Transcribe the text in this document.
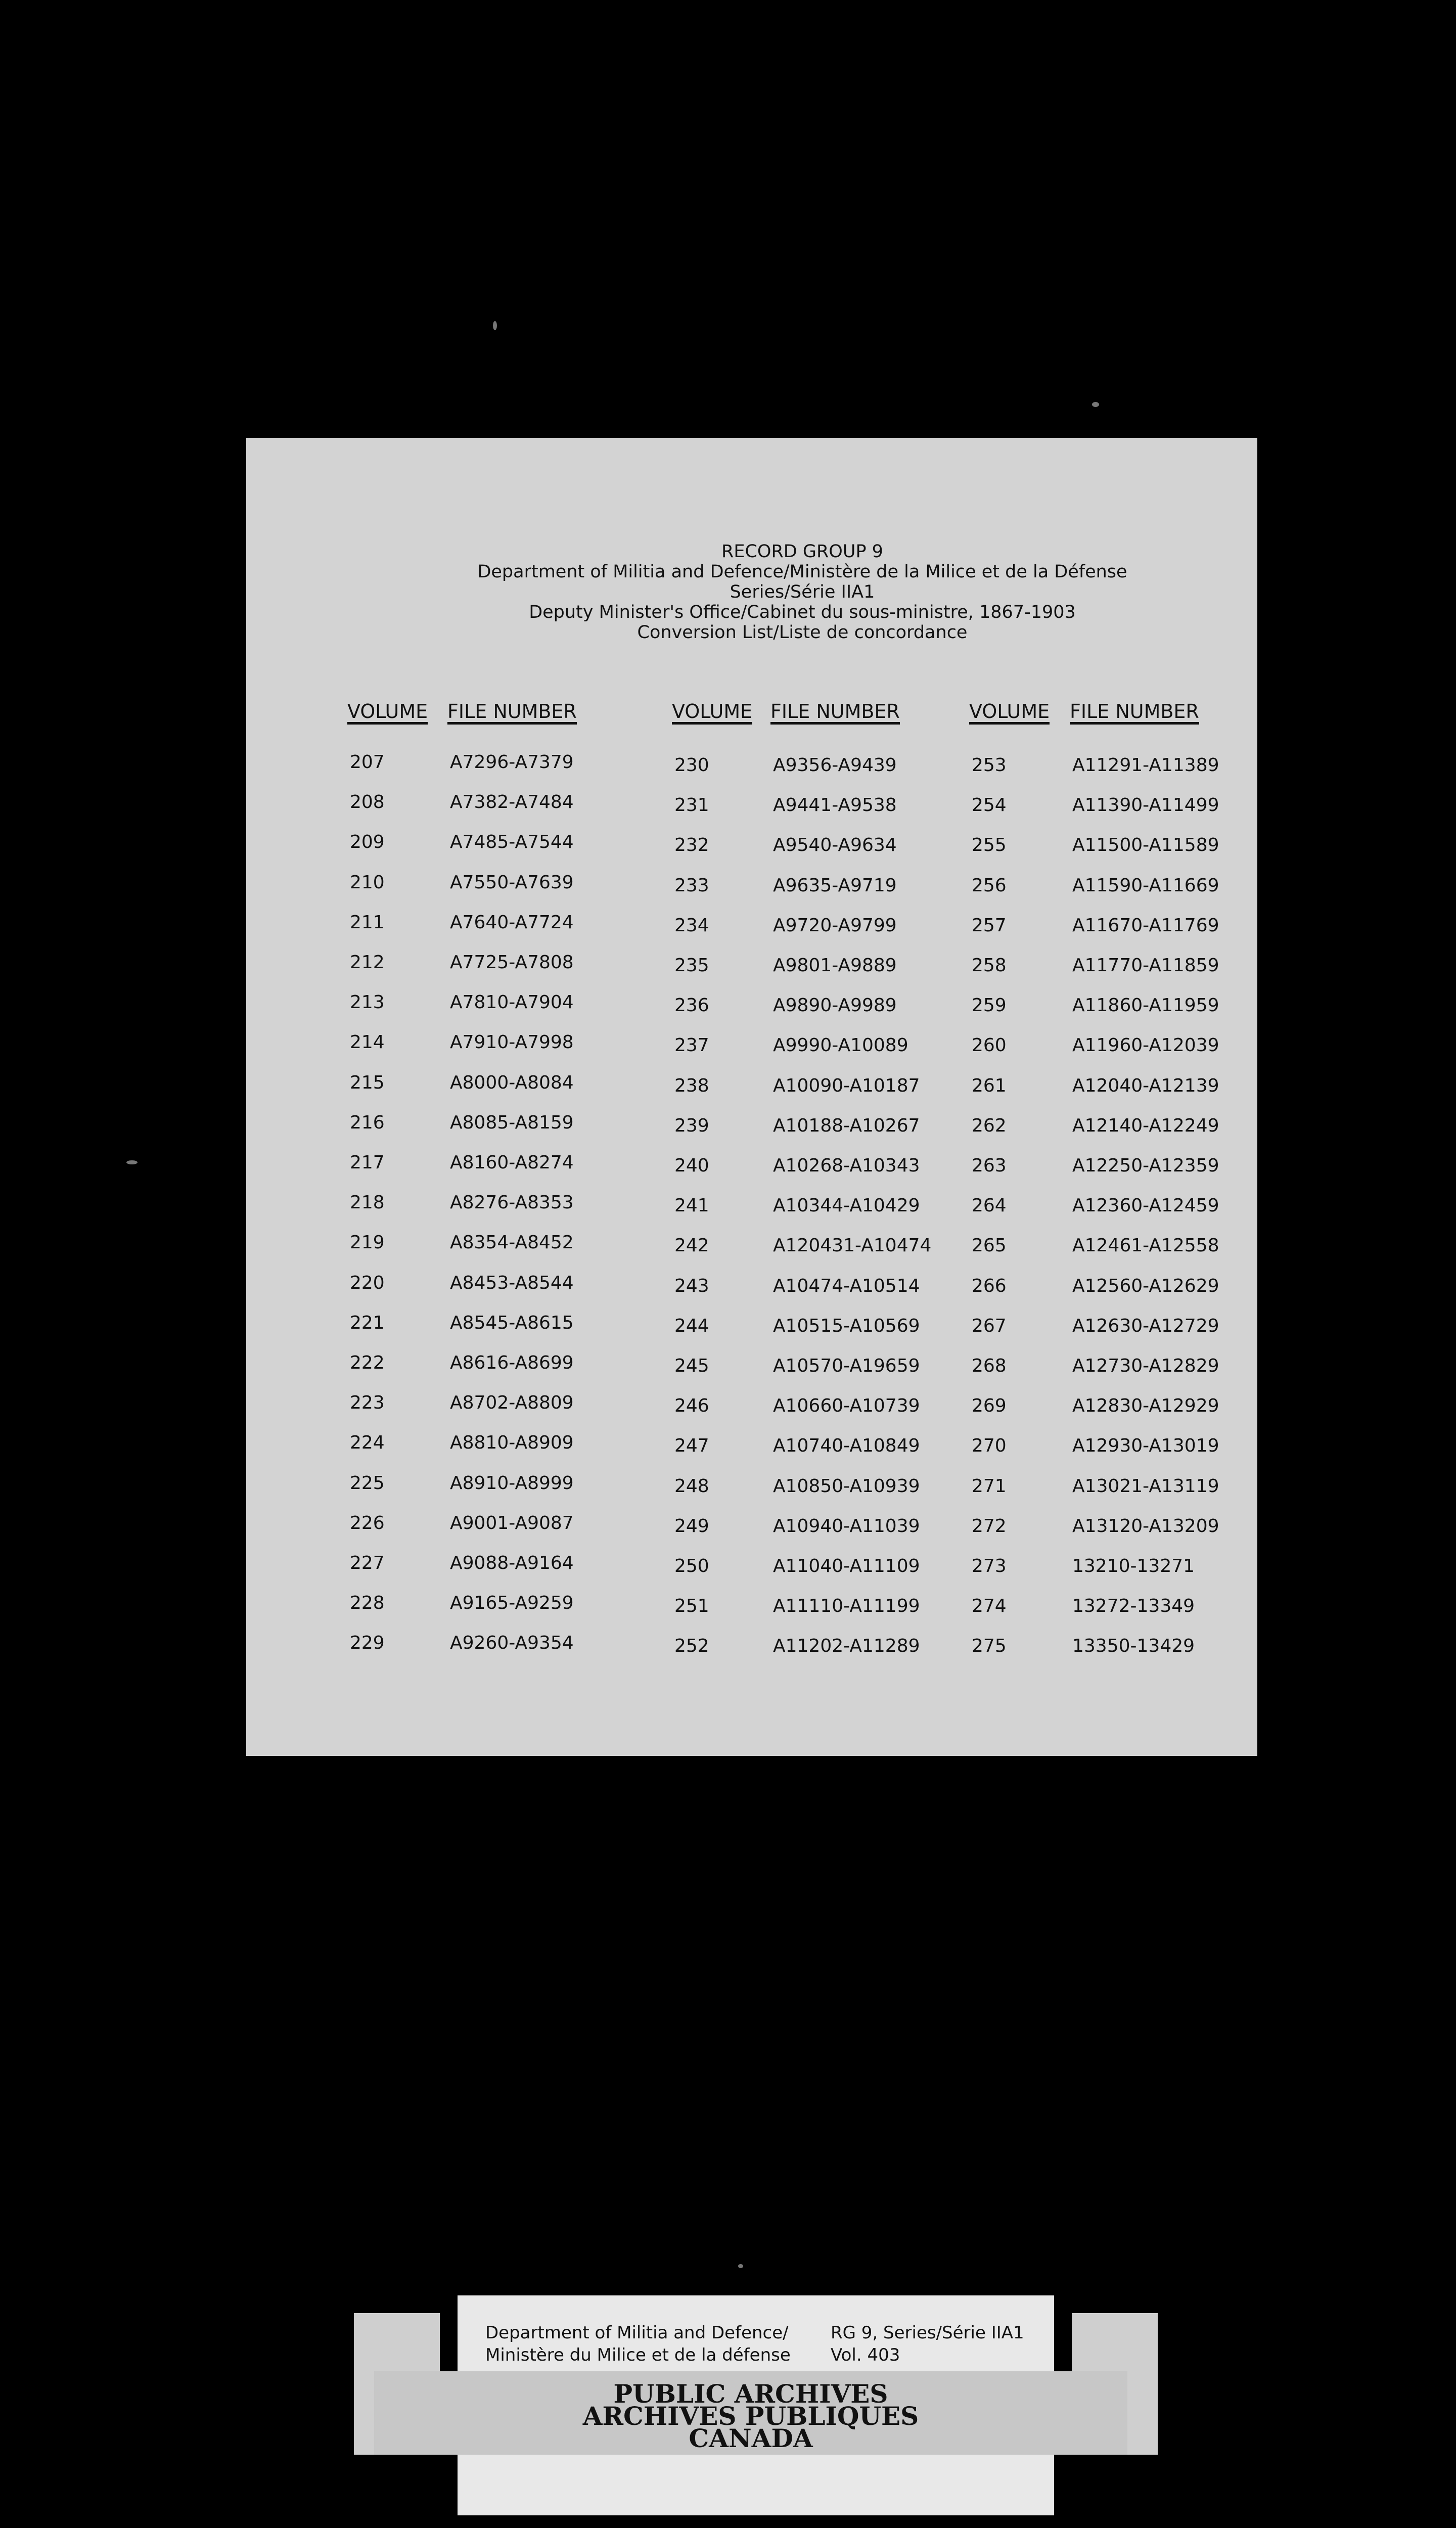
RECORD GROUP 9
Department of Militia and Defence/Ministère de la Milice et de la Défense
Series/Série IIA1
Deputy Minister's Office/Cabinet du sous-ministre, 1867-1903
Conversion List/Liste de concordance
VOLUME FILE NUMBER
207	A7296-A7379
208	A7382-A7484
209	A7485-A7544
210	A7550-A7639
211	A7640-A7724
212	A7725-A7808
213	A7810-A7904
214	A7910-A7998
215	A8000-A8084
216	A8085-A8159
217	A8160-A8274
218	A8276-A8353
219	A8354-A8452
220	A8453-A8544
221	A8545-A8615
222	A8616-A8699
223	A8702-A8809
224	A8810-A8909
225	A8910-A8999
226	A9001-A9087
227	A9088-A9164
228	A9165-A9259
229	A9260-A9354
VOLUME FILE NUMBER
230	A9356-A9439
231	A9441-A9538
232	A9540-A9634
233	A9635-A9719
234	A9720-A9799
235	A9801-A9889
236	A9890-A9989
237	A9990-A10089
238	A10090-A10187
239	A10188-A10267
240	A10268-A10343
241	A10344-A10429
242	A120431-A10474
243	A10474-A10514
244	A10515-A10569
245	A10570-A19659
246	A10660-A10739
247	A10740-A10849
248	A10850-A10939
249	A10940-A11039
250	A11040-A11109
251	A11110-A11199
252	A11202-A11289
VOLUME FILE NUMBER
253	A11291-A11389
254	A11390-A11499
255	A11500-A11589
256	A11590-A11669
257	A11670-A11769
258	A11770-A11859
259	A11860-A11959
260	A11960-A12039
261	A12040-A12139
262	A12140-A12249
263	A12250-A12359
264	A12360-A12459
265	A12461-A12558
266	A12560-A12629
267	A12630-A12729
268	A12730-A12829
269	A12830-A12929
270	A12930-A13019
271	A13021-A13119
272	A13120-A13209
273	13210-13271
274	13272-13349
275	13350-13429
Department of Militia and Defence/
Ministère du Milice et de la défense
RG 9, Series/Série IIA1
Vol. 403
PUBLIC ARCHIVES
ARCHIVES PUBLIQUES
CANADA
